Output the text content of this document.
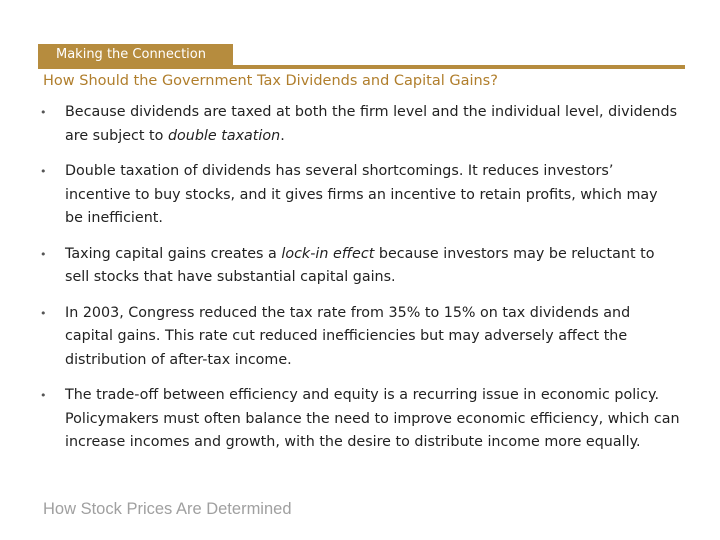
Making the Connection
How Should the Government Tax Dividends and Capital Gains?
•	Because dividends are taxed at both the firm level and the individual level, dividends are subject to double taxation.
•	Double taxation of dividends has several shortcomings. It reduces investors’ incentive to buy stocks, and it gives firms an incentive to retain profits, which may be inefficient.
•	Taxing capital gains creates a lock-in effect because investors may be reluctant to sell stocks that have substantial capital gains.
•	In 2003, Congress reduced the tax rate from 35% to 15% on tax dividends and capital gains. This rate cut reduced inefficiencies but may adversely affect the distribution of after-tax income.
•	The trade-off between efficiency and equity is a recurring issue in economic policy. Policymakers must often balance the need to improve economic efficiency, which can increase incomes and growth, with the desire to distribute income more equally.
How Stock Prices Are Determined
